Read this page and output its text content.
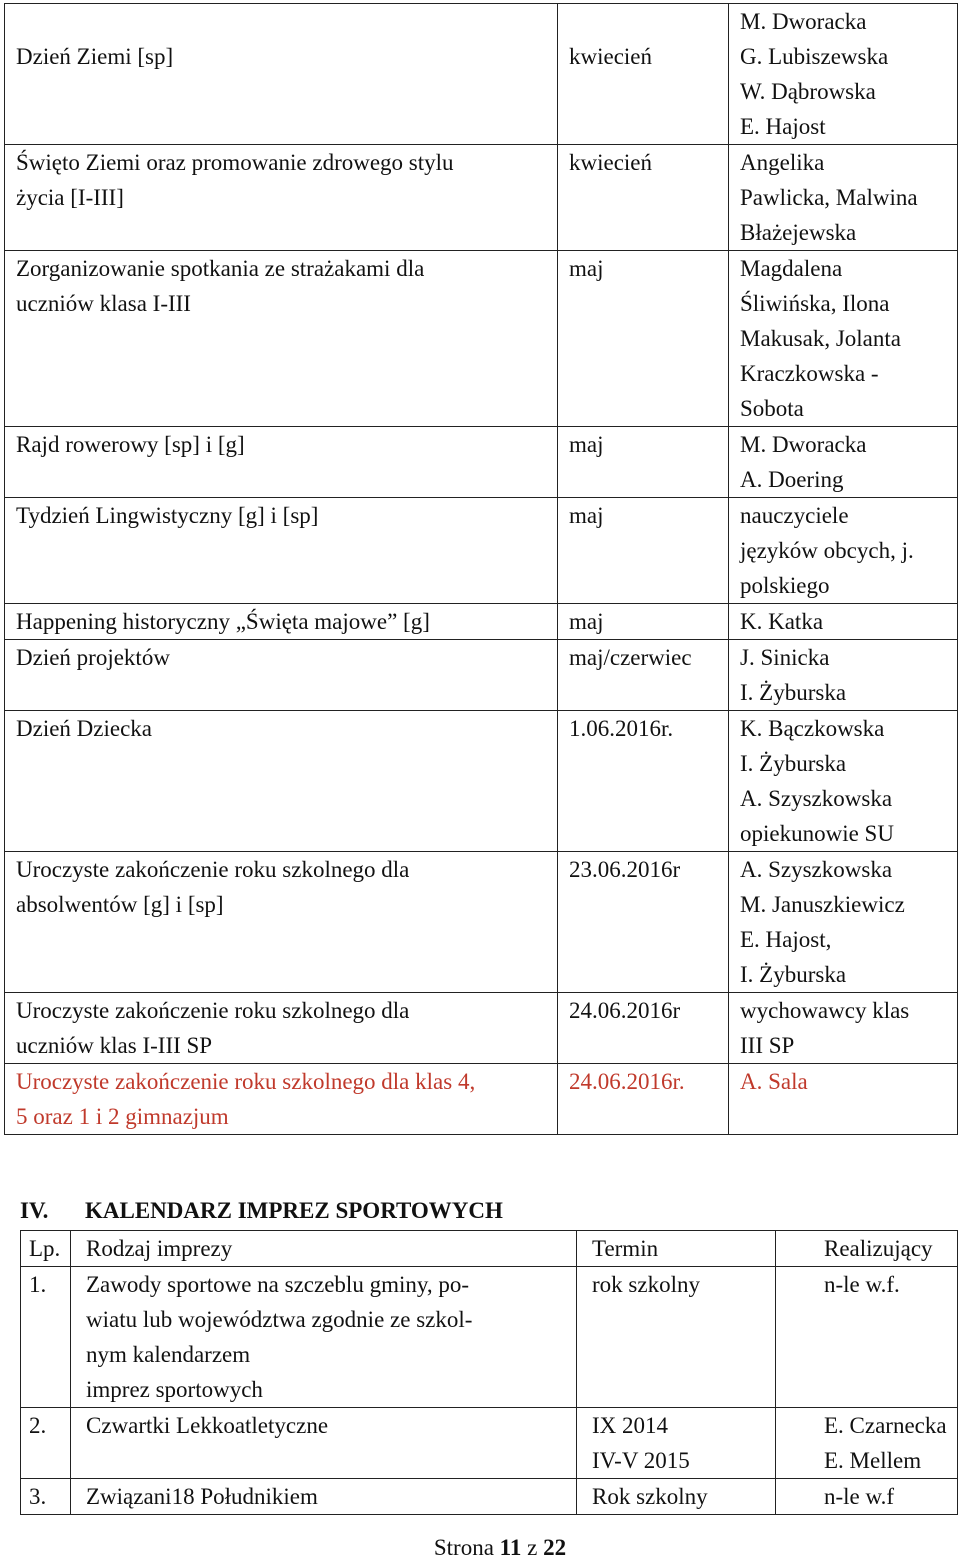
Dzień Ziemi [sp]	kwiecień	M. Dworacka
G. Lubiszewska
W. Dąbrowska
E. Hajost

Święto Ziemi oraz promowanie zdrowego stylu
życia [I-III]	kwiecień	Angelika
Pawlicka, Malwina
Błażejewska

Zorganizowanie spotkania ze strażakami dla
uczniów klasa I-III	maj	Magdalena
Śliwińska, Ilona
Makusak, Jolanta
Kraczkowska -
Sobota

Rajd rowerowy [sp] i [g]	maj	M. Dworacka
A. Doering

Tydzień Lingwistyczny [g] i [sp]	maj	nauczyciele
języków obcych, j.
polskiego

Happening historyczny „Święta majowe” [g]	maj	K. Katka

Dzień projektów	maj/czerwiec	J. Sinicka
I. Żyburska

Dzień Dziecka	1.06.2016r.	K. Bączkowska
I. Żyburska
A. Szyszkowska
opiekunowie SU

Uroczyste zakończenie roku szkolnego dla
absolwentów [g] i [sp]	23.06.2016r	A. Szyszkowska
M. Januszkiewicz
E. Hajost,
I. Żyburska

Uroczyste zakończenie roku szkolnego dla
uczniów klas I-III SP	24.06.2016r	wychowawcy klas
III SP

Uroczyste zakończenie roku szkolnego dla klas 4,
5 oraz 1 i 2 gimnazjum	24.06.2016r.	A. Sala
IV. KALENDARZ IMPREZ SPORTOWYCH
Lp.	Rodzaj imprezy	Termin	Realizujący
1.	Zawody sportowe na szczeblu gminy, po-
wiatu lub województwa zgodnie ze szkol-
nym kalendarzem
imprez sportowych	rok szkolny	n-le w.f.

2.	Czwartki Lekkoatletyczne	IX 2014
IV-V 2015	E. Czarnecka
E. Mellem

3.	Związani18 Południkiem	Rok szkolny	n-le w.f
Strona 11 z 22
